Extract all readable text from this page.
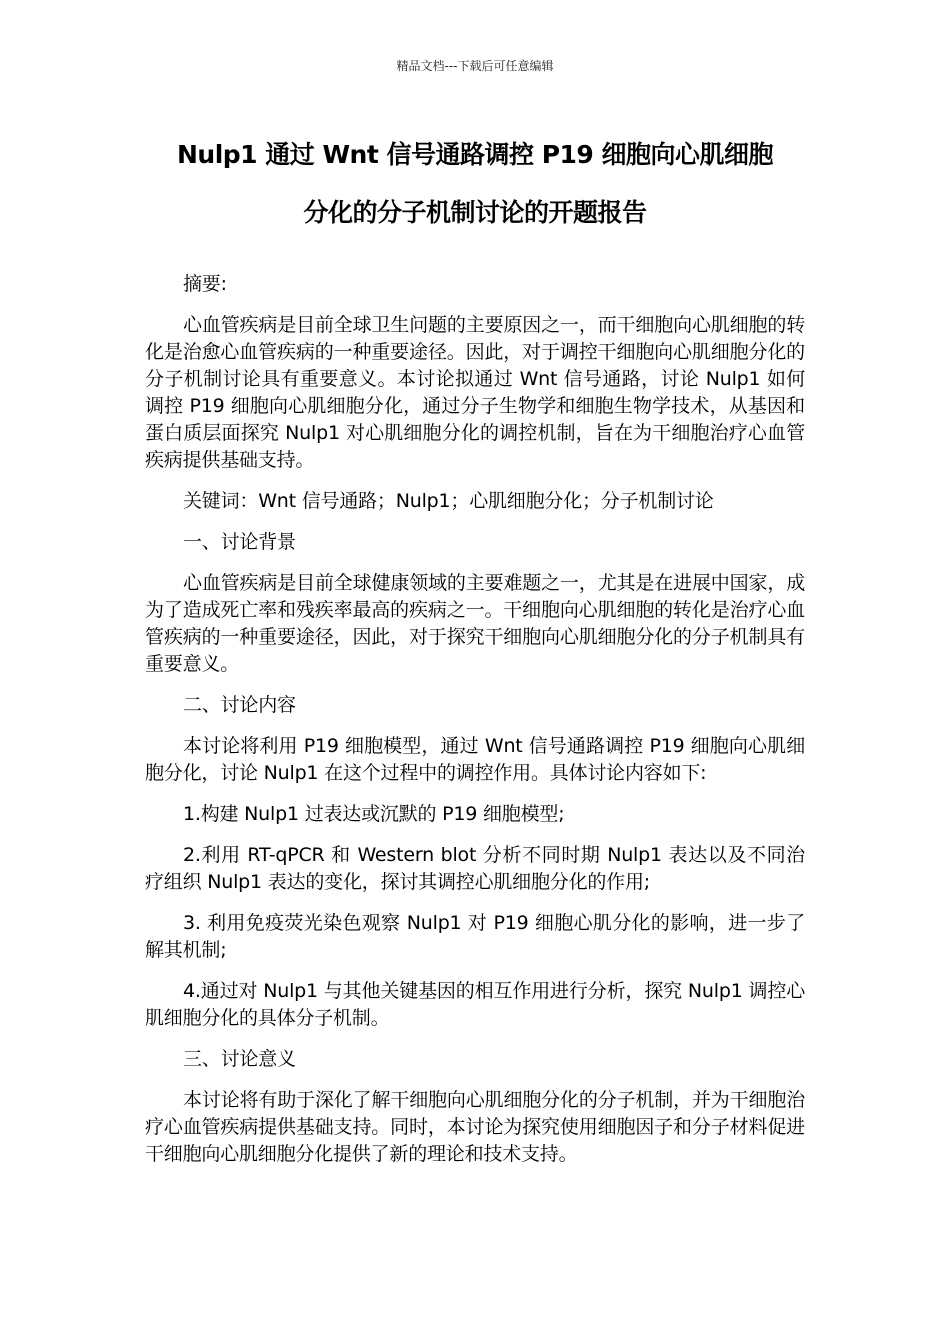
精品文档---下载后可任意编辑
Nulp1 通过 Wnt 信号通路调控 P19 细胞向心肌细胞
分化的分子机制讨论的开题报告

摘要:

心血管疾病是目前全球卫生问题的主要原因之一，而干细胞向心肌细胞的转化是治愈心血管疾病的一种重要途径。因此，对于调控干细胞向心肌细胞分化的分子机制讨论具有重要意义。本讨论拟通过 Wnt 信号通路，讨论 Nulp1 如何调控 P19 细胞向心肌细胞分化，通过分子生物学和细胞生物学技术，从基因和蛋白质层面探究 Nulp1 对心肌细胞分化的调控机制，旨在为干细胞治疗心血管疾病提供基础支持。

关键词：Wnt 信号通路；Nulp1；心肌细胞分化；分子机制讨论

一、讨论背景

心血管疾病是目前全球健康领域的主要难题之一，尤其是在进展中国家，成为了造成死亡率和残疾率最高的疾病之一。干细胞向心肌细胞的转化是治疗心血管疾病的一种重要途径，因此，对于探究干细胞向心肌细胞分化的分子机制具有重要意义。

二、讨论内容

本讨论将利用 P19 细胞模型，通过 Wnt 信号通路调控 P19 细胞向心肌细胞分化，讨论 Nulp1 在这个过程中的调控作用。具体讨论内容如下:

1.构建 Nulp1 过表达或沉默的 P19 细胞模型;

2.利用 RT-qPCR 和 Western blot 分析不同时期 Nulp1 表达以及不同治疗组织 Nulp1 表达的变化，探讨其调控心肌细胞分化的作用;

3. 利用免疫荧光染色观察 Nulp1 对 P19 细胞心肌分化的影响，进一步了解其机制;

4.通过对 Nulp1 与其他关键基因的相互作用进行分析，探究 Nulp1 调控心肌细胞分化的具体分子机制。

三、讨论意义

本讨论将有助于深化了解干细胞向心肌细胞分化的分子机制，并为干细胞治疗心血管疾病提供基础支持。同时，本讨论为探究使用细胞因子和分子材料促进干细胞向心肌细胞分化提供了新的理论和技术支持。
